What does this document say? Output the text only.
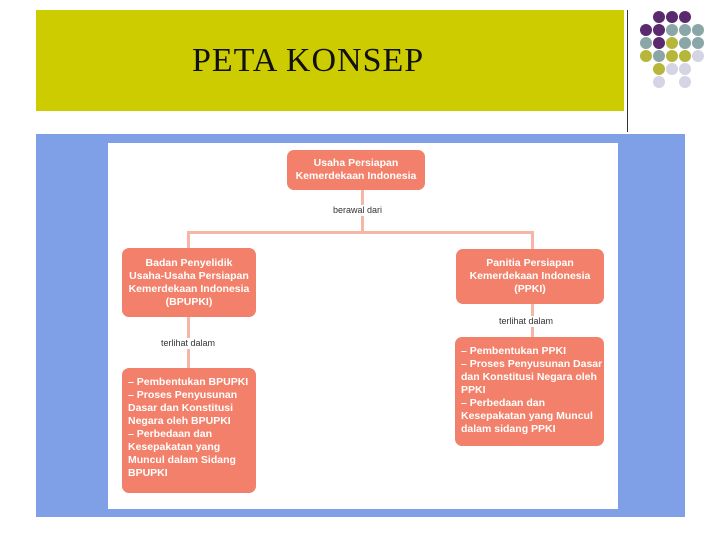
PETA KONSEP
berawal dari
terlihat dalam
terlihat dalam
Usaha Persiapan
Kemerdekaan Indonesia
Badan Penyelidik
Usaha-Usaha Persiapan
Kemerdekaan Indonesia
(BPUPKI)
Panitia Persiapan
Kemerdekaan Indonesia
(PPKI)
– Pembentukan BPUPKI
– Proses Penyusunan
Dasar dan Konstitusi
Negara oleh BPUPKI
– Perbedaan dan
Kesepakatan yang
Muncul dalam Sidang
BPUPKI
– Pembentukan PPKI
– Proses Penyusunan Dasar
dan Konstitusi Negara oleh
PPKI
– Perbedaan dan
Kesepakatan yang Muncul
dalam sidang PPKI
